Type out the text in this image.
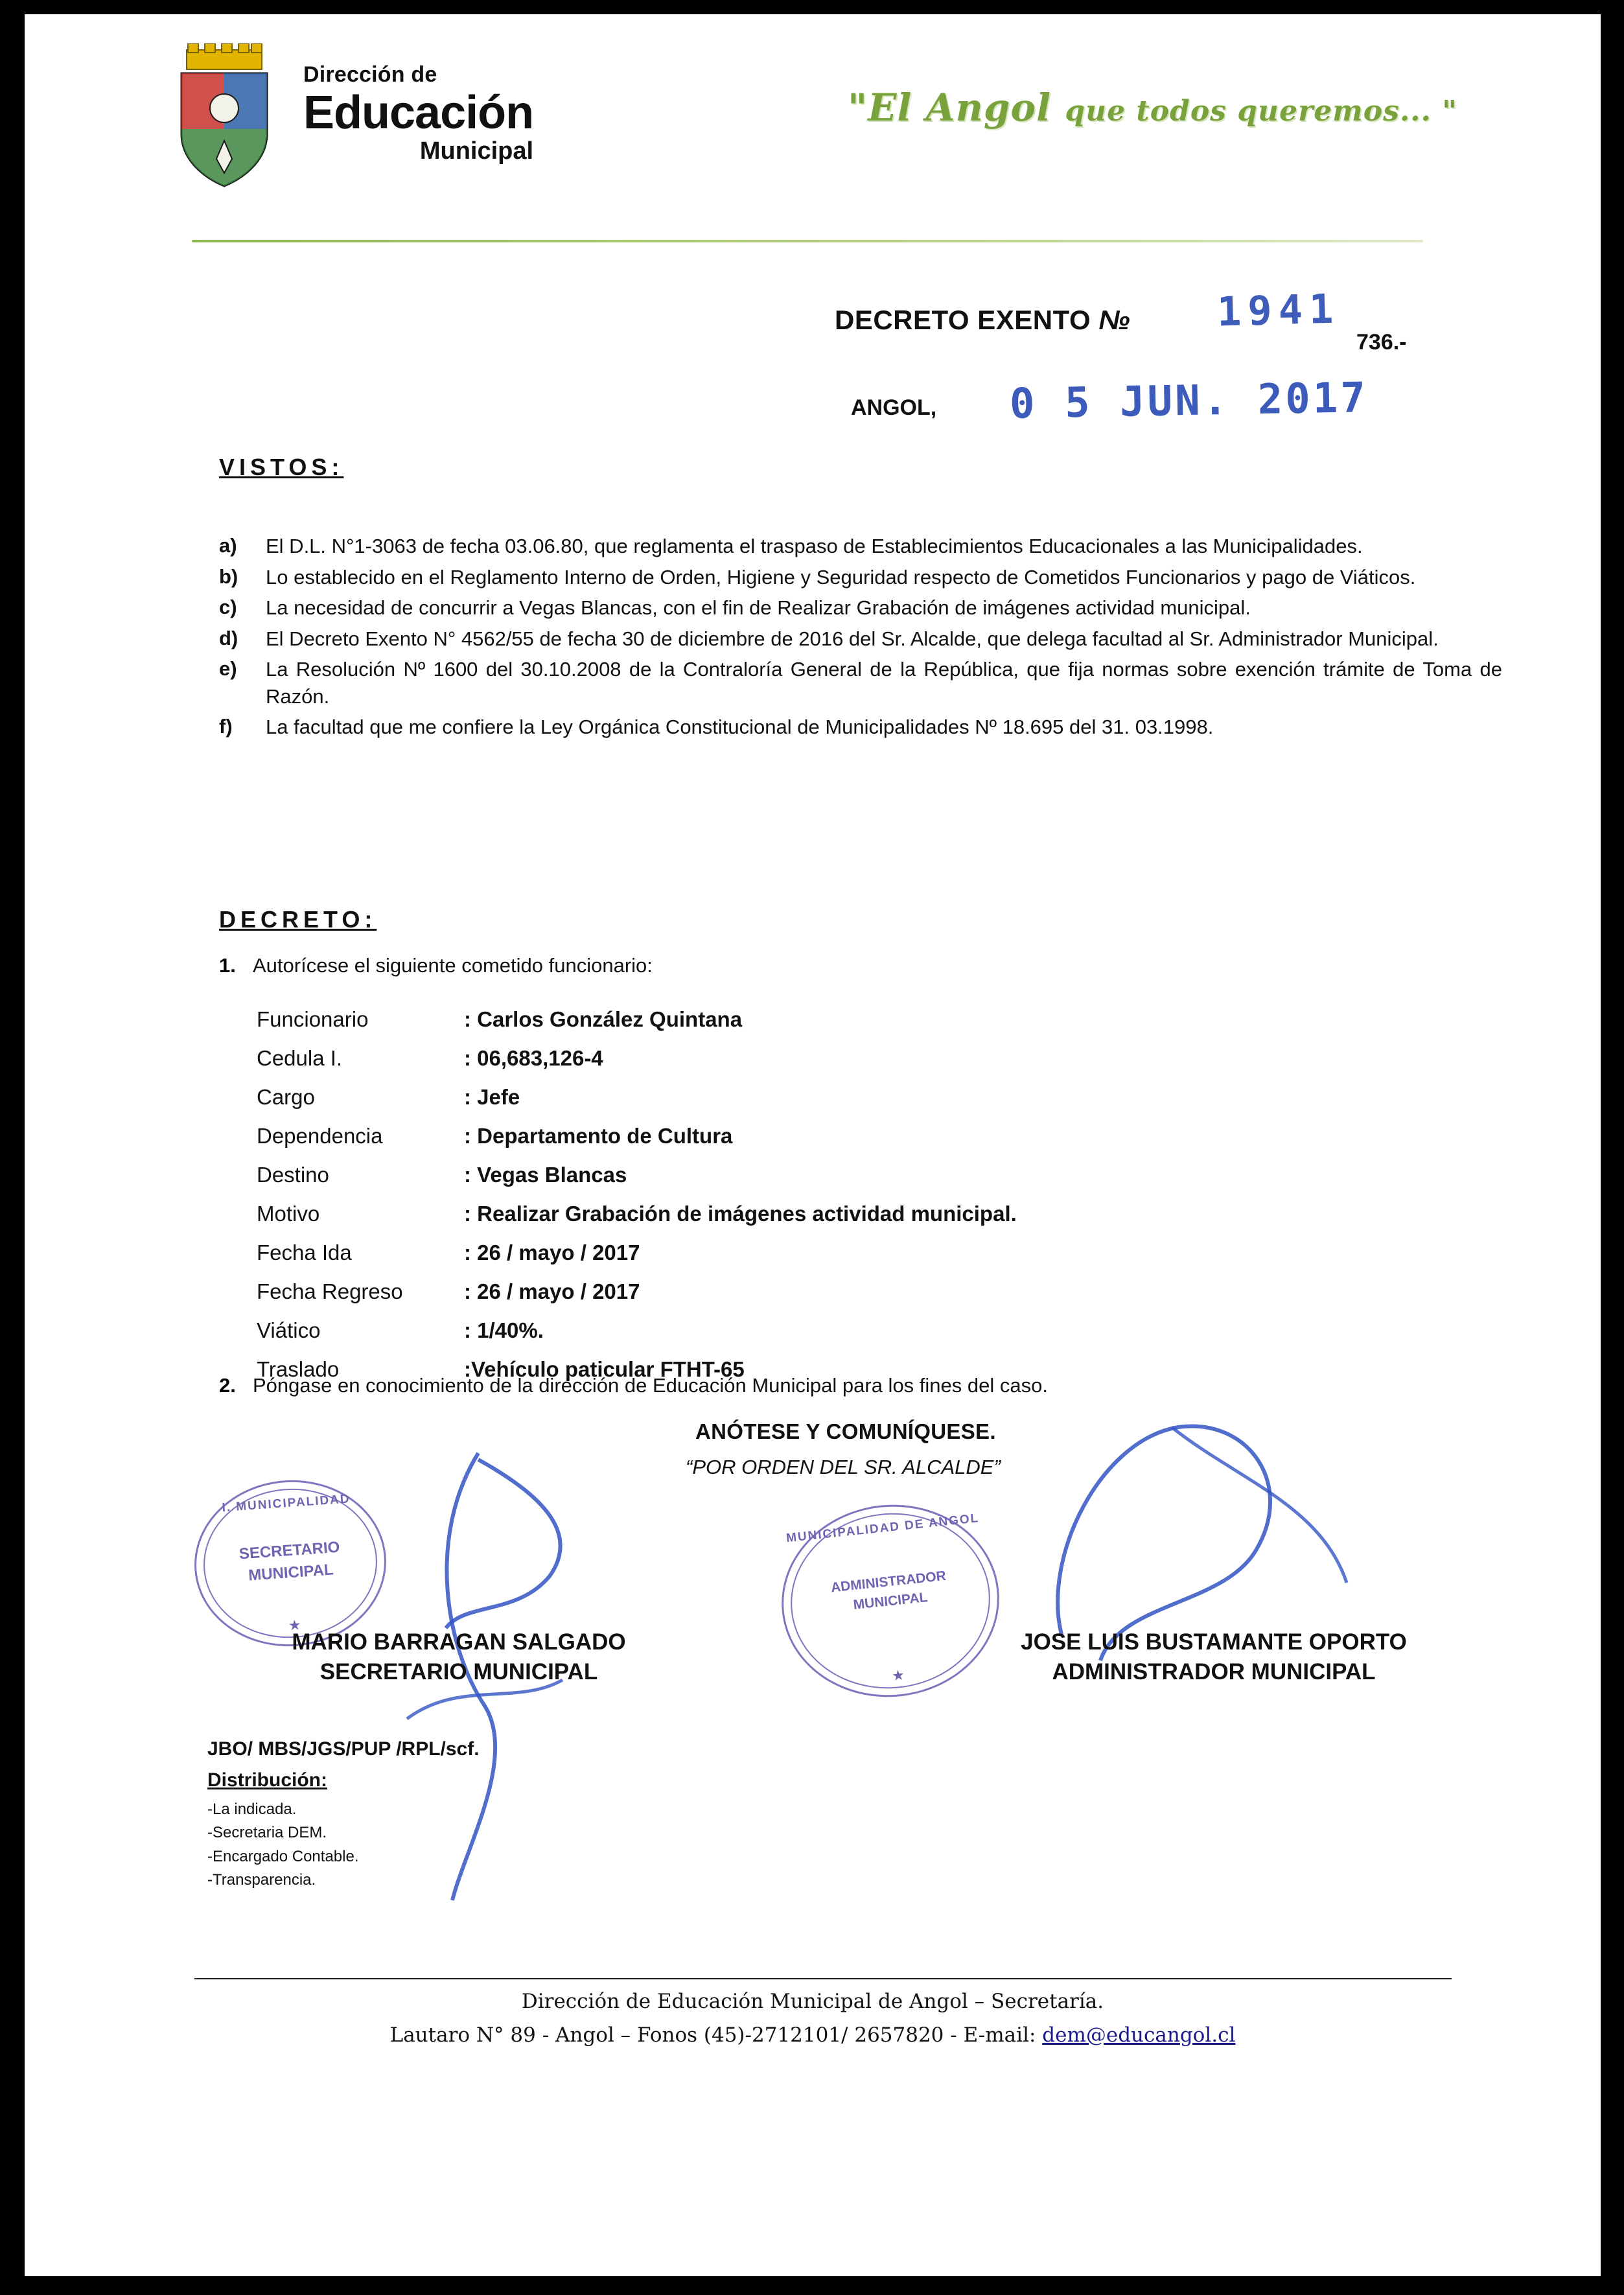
Dirección de
Educación
Municipal
"El Angol que todos queremos... "
DECRETO EXENTO № 1941
736.-
ANGOL, 0 5 JUN. 2017
VISTOS:
a)	El D.L. N°1-3063 de fecha 03.06.80, que reglamenta el traspaso de Establecimientos Educacionales a las Municipalidades.
b)	Lo establecido en el Reglamento Interno de Orden, Higiene y Seguridad respecto de Cometidos Funcionarios y pago de Viáticos.
c)	La necesidad de concurrir a Vegas Blancas, con el fin de Realizar Grabación de imágenes actividad municipal.
d)	El Decreto Exento N° 4562/55 de fecha 30 de diciembre de 2016 del Sr. Alcalde, que delega facultad al Sr. Administrador Municipal.
e)	La Resolución Nº 1600 del 30.10.2008 de la Contraloría General de la República, que fija normas sobre exención trámite de Toma de Razón.
f)	La facultad que me confiere la Ley Orgánica Constitucional de Municipalidades Nº 18.695 del 31. 03.1998.
DECRETO:
1. Autorícese el siguiente cometido funcionario:
Funcionario	: Carlos González Quintana
Cedula I.	: 06,683,126-4
Cargo	: Jefe
Dependencia	: Departamento de Cultura
Destino	: Vegas Blancas
Motivo	: Realizar Grabación de imágenes actividad municipal.
Fecha Ida	: 26 / mayo / 2017
Fecha Regreso	: 26 / mayo / 2017
Viático	: 1/40%.
Traslado	:Vehículo paticular FTHT-65
2. Póngase en conocimiento de la dirección de Educación Municipal para los fines del caso.
ANÓTESE Y COMUNÍQUESE.
“POR ORDEN DEL SR. ALCALDE”
I. MUNICIPALIDAD
SECRETARIO
MUNICIPAL
★
MUNICIPALIDAD DE ANGOL
ADMINISTRADOR
MUNICIPAL
★
MARIO BARRAGAN SALGADO
SECRETARIO MUNICIPAL
JOSE LUIS BUSTAMANTE OPORTO
ADMINISTRADOR MUNICIPAL
JBO/ MBS/JGS/PUP /RPL/scf.
Distribución:
-La indicada.
-Secretaria DEM.
-Encargado Contable.
-Transparencia.
Dirección de Educación Municipal de Angol – Secretaría.
Lautaro N° 89 - Angol – Fonos (45)-2712101/ 2657820 - E-mail: dem@educangol.cl
